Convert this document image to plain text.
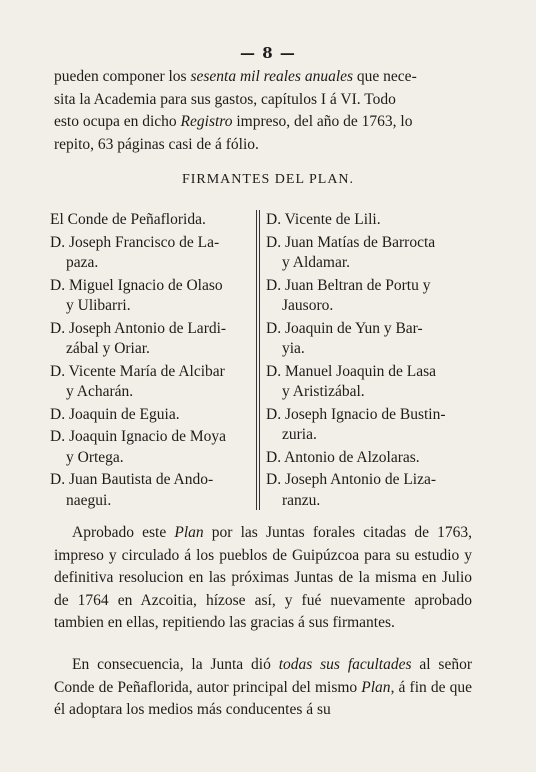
— 8 —
pueden componer los sesenta mil reales anuales que nece-
sita la Academia para sus gastos, capítulos I á VI. Todo
esto ocupa en dicho Registro impreso, del año de 1763, lo
repito, 63 páginas casi de á fólio.
FIRMANTES DEL PLAN.
El Conde de Peñaflorida.
D. Joseph Francisco de La-
paza.
D. Miguel Ignacio de Olaso
y Ulibarri.
D. Joseph Antonio de Lardi-
zábal y Oriar.
D. Vicente María de Alcibar
y Acharán.
D. Joaquin de Eguia.
D. Joaquin Ignacio de Moya
y Ortega.
D. Juan Bautista de Ando-
naegui.
D. Vicente de Lili.
D. Juan Matías de Barrocta
y Aldamar.
D. Juan Beltran de Portu y
Jausoro.
D. Joaquin de Yun y Bar-
yia.
D. Manuel Joaquin de Lasa
y Aristizábal.
D. Joseph Ignacio de Bustin-
zuria.
D. Antonio de Alzolaras.
D. Joseph Antonio de Liza-
ranzu.
Aprobado este Plan por las Juntas forales citadas de 1763, impreso y circulado á los pueblos de Guipúzcoa para su estudio y definitiva resolucion en las próximas Juntas de la misma en Julio de 1764 en Azcoitia, hízose así, y fué nuevamente aprobado tambien en ellas, repitiendo las gracias á sus firmantes.
En consecuencia, la Junta dió todas sus facultades al señor Conde de Peñaflorida, autor principal del mismo Plan, á fin de que él adoptara los medios más conducentes á su
